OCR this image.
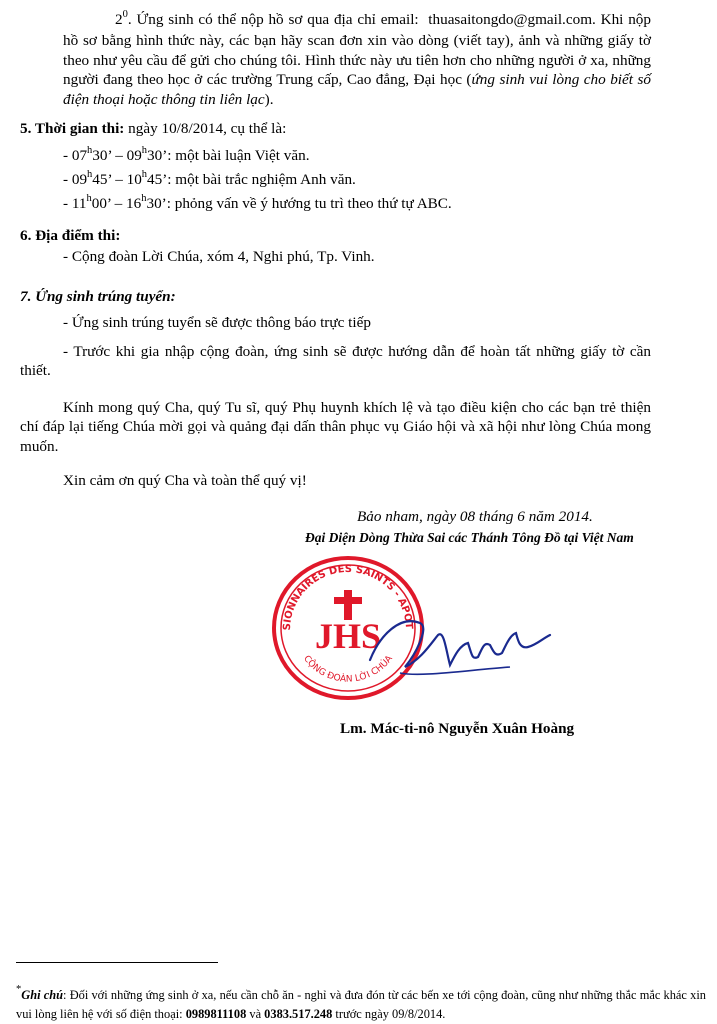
$2^0$. Ứng sinh có thể nộp hồ sơ qua địa chỉ email: thuasaitongdo@gmail.com. Khi nộp hồ sơ bằng hình thức này, các bạn hãy scan đơn xin vào dòng (viết tay), ảnh và những giấy tờ theo như yêu cầu để gửi cho chúng tôi. Hình thức này ưu tiên hơn cho những người ở xa, những người đang theo học ở các trường Trung cấp, Cao đẳng, Đại học (ứng sinh vui lòng cho biết số điện thoại hoặc thông tin liên lạc).
5. Thời gian thi: ngày 10/8/2014, cụ thể là:
- 07$^h$30’ – 09$^h$30’: một bài luận Việt văn.
- 09$^h$45’ – 10$^h$45’: một bài trắc nghiệm Anh văn.
- 11$^h$00’ – 16$^h$30’: phỏng vấn về ý hướng tu trì theo thứ tự ABC.
6. Địa điểm thi:
- Cộng đoàn Lời Chúa, xóm 4, Nghi phú, Tp. Vinh.
7. Ứng sinh trúng tuyển:
- Ứng sinh trúng tuyển sẽ được thông báo trực tiếp
- Trước khi gia nhập cộng đoàn, ứng sinh sẽ được hướng dẫn để hoàn tất những giấy tờ cần thiết.
Kính mong quý Cha, quý Tu sĩ, quý Phụ huynh khích lệ và tạo điều kiện cho các bạn trẻ thiện chí đáp lại tiếng Chúa mời gọi và quảng đại dấn thân phục vụ Giáo hội và xã hội như lòng Chúa mong muốn.
Xin cảm ơn quý Cha và toàn thể quý vị!
Bảo nham, ngày 08 tháng 6 năm 2014.
Đại Diện Dòng Thừa Sai các Thánh Tông Đồ tại Việt Nam
SIONNAIRES DES SAINTS - APOT
CỘNG ĐOÀN LỜI CHÚA
JHS
Lm. Mác-ti-nô Nguyễn Xuân Hoàng
*Ghi chú: Đối với những ứng sinh ở xa, nếu cần chỗ ăn - nghỉ và đưa đón từ các bến xe tới cộng đoàn, cũng như những thắc mắc khác xin vui lòng liên hệ với số điện thoại: 0989811108 và 0383.517.248 trước ngày 09/8/2014.
